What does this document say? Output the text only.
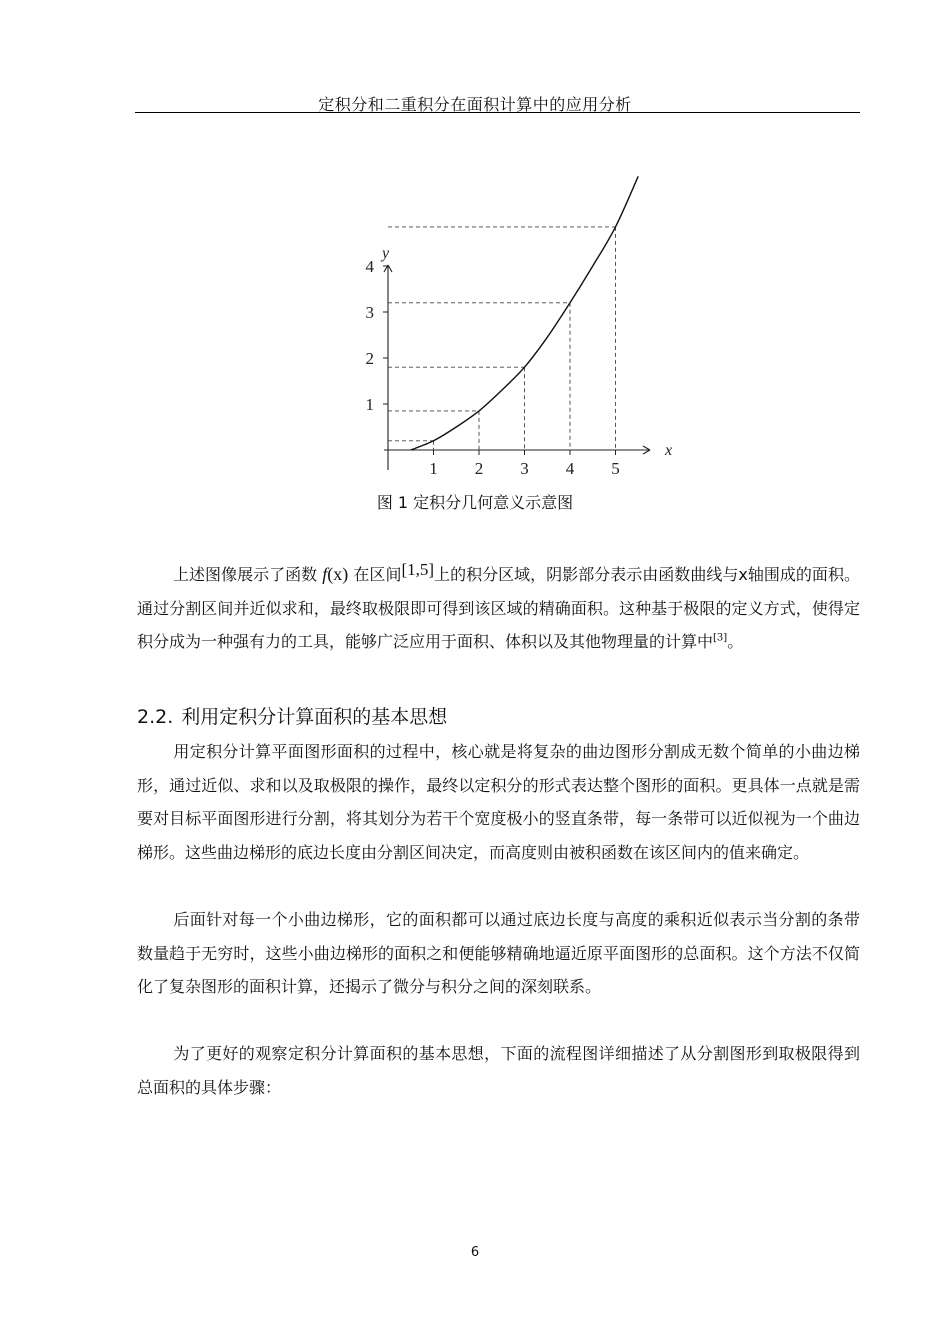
定积分和二重积分在面积计算中的应用分析
x
y
1 2 3 4 5
1
2
3
4
图 1 定积分几何意义示意图

上述图像展示了函数 f(x) 在区间[1,5]上的积分区域，阴影部分表示由函数曲线与x轴围成的面积。通过分割区间并近似求和，最终取极限即可得到该区域的精确面积。这种基于极限的定义方式，使得定积分成为一种强有力的工具，能够广泛应用于面积、体积以及其他物理量的计算中[3]。

2.2. 利用定积分计算面积的基本思想

用定积分计算平面图形面积的过程中，核心就是将复杂的曲边图形分割成无数个简单的小曲边梯形，通过近似、求和以及取极限的操作，最终以定积分的形式表达整个图形的面积。更具体一点就是需要对目标平面图形进行分割，将其划分为若干个宽度极小的竖直条带，每一条带可以近似视为一个曲边梯形。这些曲边梯形的底边长度由分割区间决定，而高度则由被积函数在该区间内的值来确定。

后面针对每一个小曲边梯形，它的面积都可以通过底边长度与高度的乘积近似表示当分割的条带数量趋于无穷时，这些小曲边梯形的面积之和便能够精确地逼近原平面图形的总面积。这个方法不仅简化了复杂图形的面积计算，还揭示了微分与积分之间的深刻联系。

为了更好的观察定积分计算面积的基本思想，下面的流程图详细描述了从分割图形到取极限得到总面积的具体步骤：

6
